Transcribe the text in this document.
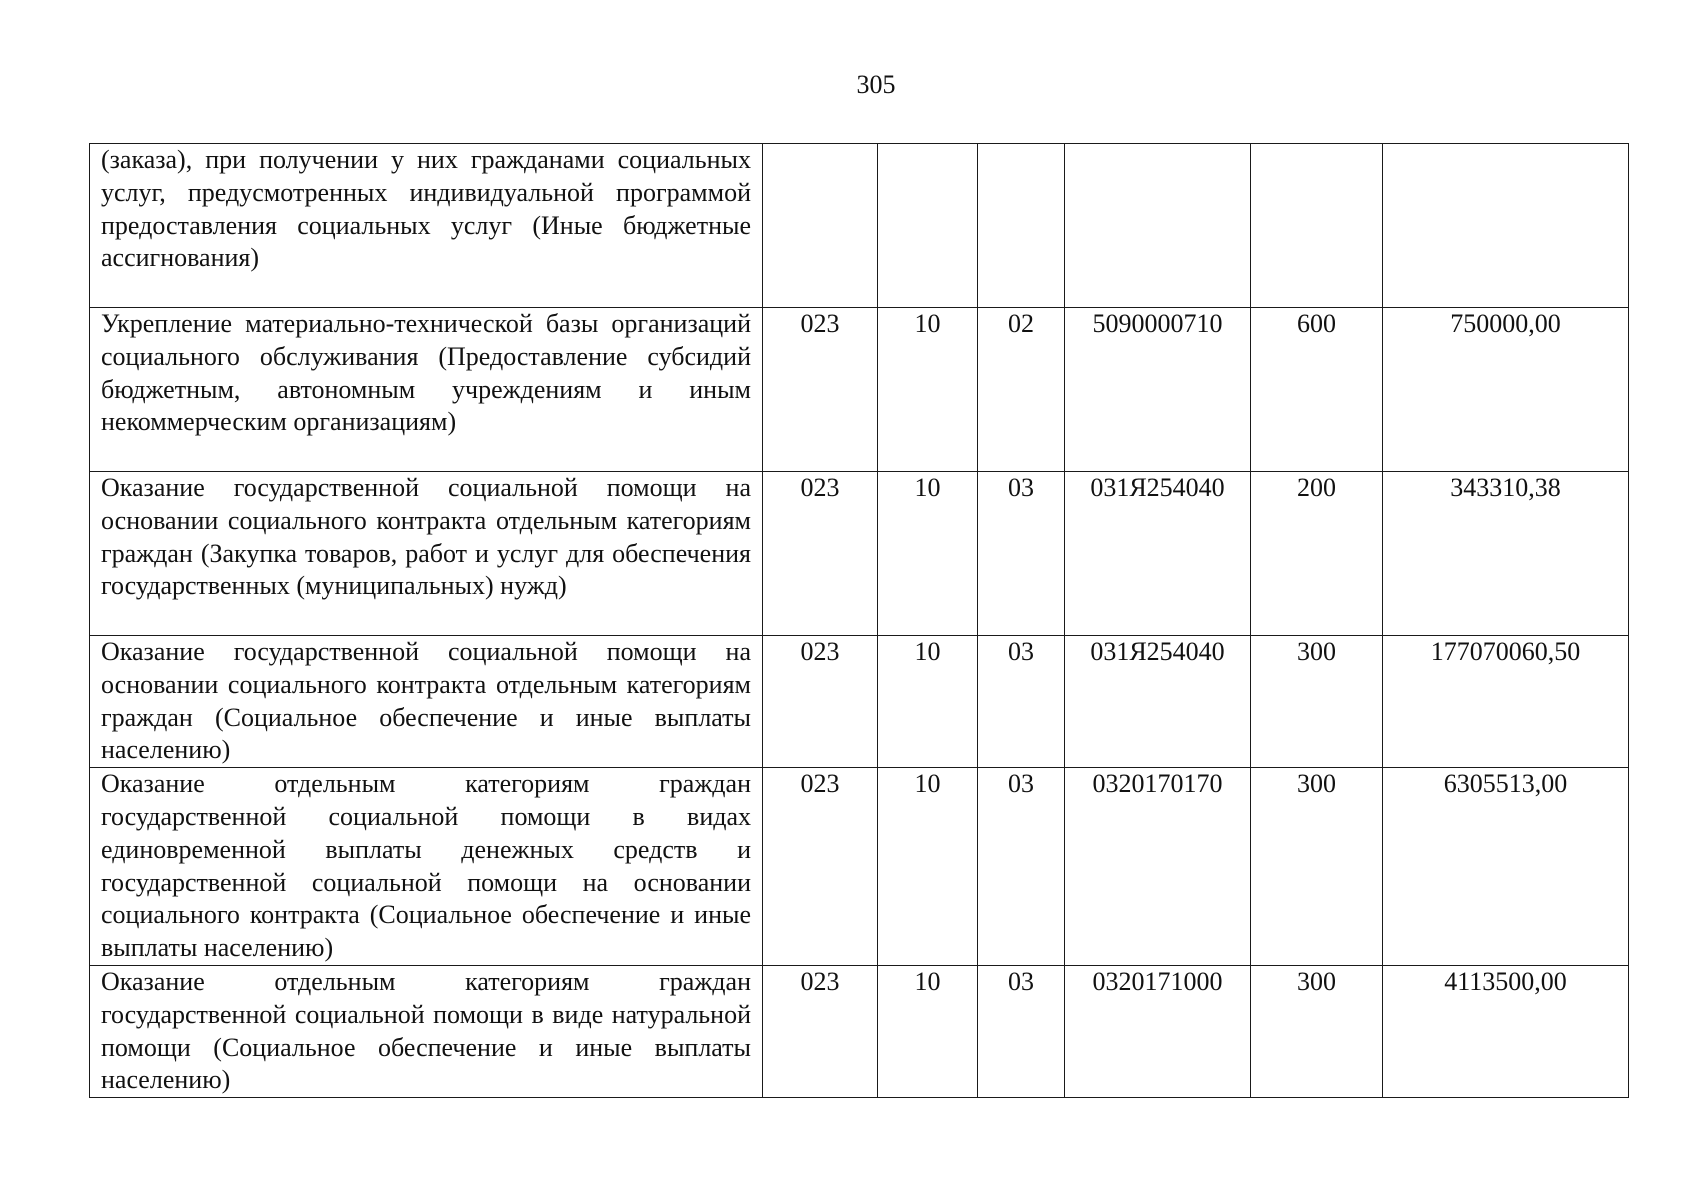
305
(заказа), при получении у них гражданами социальных услуг, предусмотренных индивидуальной программой предоставления социальных услуг (Иные бюджетные ассигнования)						
Укрепление материально-технической базы организаций социального обслуживания (Предоставление субсидий бюджетным, автономным учреждениям и иным некоммерческим организациям)	023	10	02	5090000710	600	750000,00
Оказание государственной социальной помощи на основании социального контракта отдельным категориям граждан (Закупка товаров, работ и услуг для обеспечения государственных (муниципальных) нужд)	023	10	03	031Я254040	200	343310,38
Оказание государственной социальной помощи на основании социального контракта отдельным категориям граждан (Социальное обеспечение и иные выплаты населению)	023	10	03	031Я254040	300	177070060,50
Оказание отдельным категориям граждан государственной социальной помощи в видах единовременной выплаты денежных средств и государственной социальной помощи на основании социального контракта (Социальное обеспечение и иные выплаты населению)	023	10	03	0320170170	300	6305513,00
Оказание отдельным категориям граждан государственной социальной помощи в виде натуральной помощи (Социальное обеспечение и иные выплаты населению)	023	10	03	0320171000	300	4113500,00
